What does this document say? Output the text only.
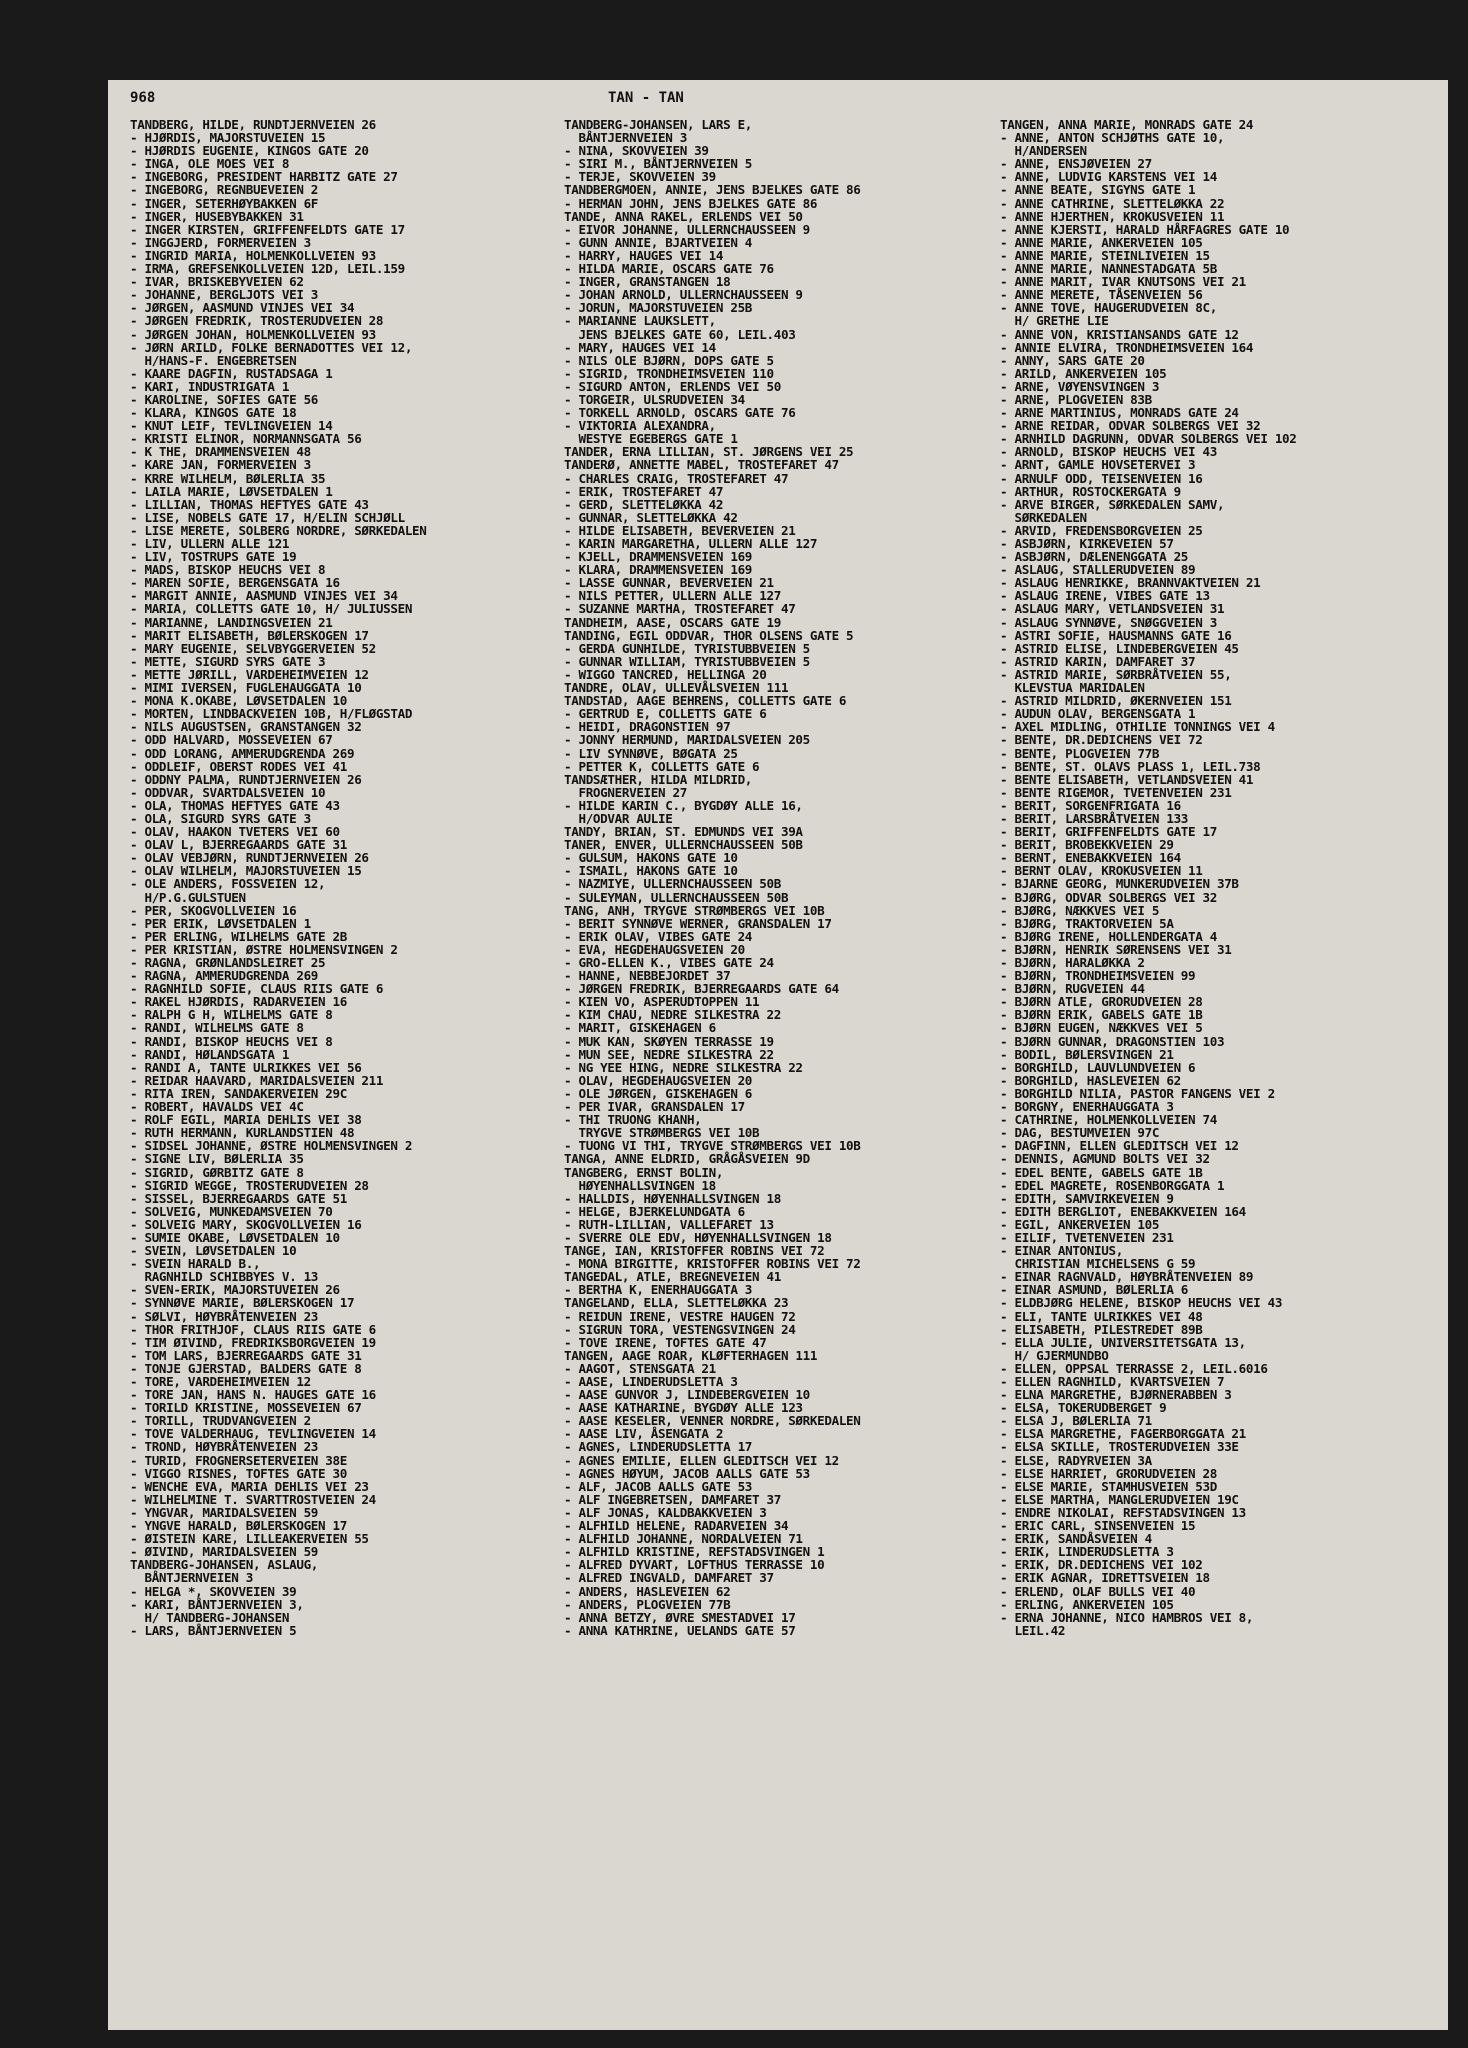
968	TAN - TAN
TANDBERG, HILDE, RUNDTJERNVEIEN 26
- HJØRDIS, MAJORSTUVEIEN 15
- HJØRDIS EUGENIE, KINGOS GATE 20
- INGA, OLE MOES VEI 8
- INGEBORG, PRESIDENT HARBITZ GATE 27
- INGEBORG, REGNBUEVEIEN 2
- INGER, SETERHØYBAKKEN 6F
- INGER, HUSEBYBAKKEN 31
- INGER KIRSTEN, GRIFFENFELDTS GATE 17
- INGGJERD, FORMERVEIEN 3
- INGRID MARIA, HOLMENKOLLVEIEN 93
- IRMA, GREFSENKOLLVEIEN 12D, LEIL.159
- IVAR, BRISKEBYVEIEN 62
- JOHANNE, BERGLJOTS VEI 3
- JØRGEN, AASMUND VINJES VEI 34
- JØRGEN FREDRIK, TROSTERUDVEIEN 28
- JØRGEN JOHAN, HOLMENKOLLVEIEN 93
- JØRN ARILD, FOLKE BERNADOTTES VEI 12,
H/HANS-F. ENGEBRETSEN
- KAARE DAGFIN, RUSTADSAGA 1
- KARI, INDUSTRIGATA 1
- KAROLINE, SOFIES GATE 56
- KLARA, KINGOS GATE 18
- KNUT LEIF, TEVLINGVEIEN 14
- KRISTI ELINOR, NORMANNSGATA 56
- K THE, DRAMMENSVEIEN 48
- KARE JAN, FORMERVEIEN 3
- KRRE WILHELM, BØLERLIA 35
- LAILA MARIE, LØVSETDALEN 1
- LILLIAN, THOMAS HEFTYES GATE 43
- LISE, NOBELS GATE 17, H/ELIN SCHJØLL
- LISE MERETE, SOLBERG NORDRE, SØRKEDALEN
- LIV, ULLERN ALLE 121
- LIV, TOSTRUPS GATE 19
- MADS, BISKOP HEUCHS VEI 8
- MAREN SOFIE, BERGENSGATA 16
- MARGIT ANNIE, AASMUND VINJES VEI 34
- MARIA, COLLETTS GATE 10, H/ JULIUSSEN
- MARIANNE, LANDINGSVEIEN 21
- MARIT ELISABETH, BØLERSKOGEN 17
- MARY EUGENIE, SELVBYGGERVEIEN 52
- METTE, SIGURD SYRS GATE 3
- METTE JØRILL, VARDEHEIMVEIEN 12
- MIMI IVERSEN, FUGLEHAUGGATA 10
- MONA K.OKABE, LØVSETDALEN 10
- MORTEN, LINDBACKVEIEN 10B, H/FLØGSTAD
- NILS AUGUSTSEN, GRANSTANGEN 32
- ODD HALVARD, MOSSEVEIEN 67
- ODD LORANG, AMMERUDGRENDA 269
- ODDLEIF, OBERST RODES VEI 41
- ODDNY PALMA, RUNDTJERNVEIEN 26
- ODDVAR, SVARTDALSVEIEN 10
- OLA, THOMAS HEFTYES GATE 43
- OLA, SIGURD SYRS GATE 3
- OLAV, HAAKON TVETERS VEI 60
- OLAV L, BJERREGAARDS GATE 31
- OLAV VEBJØRN, RUNDTJERNVEIEN 26
- OLAV WILHELM, MAJORSTUVEIEN 15
- OLE ANDERS, FOSSVEIEN 12,
H/P.G.GULSTUEN
- PER, SKOGVOLLVEIEN 16
- PER ERIK, LØVSETDALEN 1
- PER ERLING, WILHELMS GATE 2B
- PER KRISTIAN, ØSTRE HOLMENSVINGEN 2
- RAGNA, GRØNLANDSLEIRET 25
- RAGNA, AMMERUDGRENDA 269
- RAGNHILD SOFIE, CLAUS RIIS GATE 6
- RAKEL HJØRDIS, RADARVEIEN 16
- RALPH G H, WILHELMS GATE 8
- RANDI, WILHELMS GATE 8
- RANDI, BISKOP HEUCHS VEI 8
- RANDI, HØLANDSGATA 1
- RANDI A, TANTE ULRIKKES VEI 56
- REIDAR HAAVARD, MARIDALSVEIEN 211
- RITA IREN, SANDAKERVEIEN 29C
- ROBERT, HAVALDS VEI 4C
- ROLF EGIL, MARIA DEHLIS VEI 38
- RUTH HERMANN, KURLANDSTIEN 48
- SIDSEL JOHANNE, ØSTRE HOLMENSVINGEN 2
- SIGNE LIV, BØLERLIA 35
- SIGRID, GØRBITZ GATE 8
- SIGRID WEGGE, TROSTERUDVEIEN 28
- SISSEL, BJERREGAARDS GATE 51
- SOLVEIG, MUNKEDAMSVEIEN 70
- SOLVEIG MARY, SKOGVOLLVEIEN 16
- SUMIE OKABE, LØVSETDALEN 10
- SVEIN, LØVSETDALEN 10
- SVEIN HARALD B.,
RAGNHILD SCHIBBYES V. 13
- SVEN-ERIK, MAJORSTUVEIEN 26
- SYNNØVE MARIE, BØLERSKOGEN 17
- SØLVI, HØYBRÅTENVEIEN 23
- THOR FRITHJOF, CLAUS RIIS GATE 6
- TIM ØIVIND, FREDRIKSBORGVEIEN 19
- TOM LARS, BJERREGAARDS GATE 31
- TONJE GJERSTAD, BALDERS GATE 8
- TORE, VARDEHEIMVEIEN 12
- TORE JAN, HANS N. HAUGES GATE 16
- TORILD KRISTINE, MOSSEVEIEN 67
- TORILL, TRUDVANGVEIEN 2
- TOVE VALDERHAUG, TEVLINGVEIEN 14
- TROND, HØYBRÅTENVEIEN 23
- TURID, FROGNERSETERVEIEN 38E
- VIGGO RISNES, TOFTES GATE 30
- WENCHE EVA, MARIA DEHLIS VEI 23
- WILHELMINE T. SVARTTROSTVEIEN 24
- YNGVAR, MARIDALSVEIEN 59
- YNGVE HARALD, BØLERSKOGEN 17
- ØISTEIN KARE, LILLEAKERVEIEN 55
- ØIVIND, MARIDALSVEIEN 59
TANDBERG-JOHANSEN, ASLAUG,
BÅNTJERNVEIEN 3
- HELGA *, SKOVVEIEN 39
- KARI, BÅNTJERNVEIEN 3,
H/ TANDBERG-JOHANSEN
- LARS, BÅNTJERNVEIEN 5
TANDBERG-JOHANSEN, LARS E,
BÅNTJERNVEIEN 3
- NINA, SKOVVEIEN 39
- SIRI M., BÅNTJERNVEIEN 5
- TERJE, SKOVVEIEN 39
TANDBERGMOEN, ANNIE, JENS BJELKES GATE 86
- HERMAN JOHN, JENS BJELKES GATE 86
TANDE, ANNA RAKEL, ERLENDS VEI 50
- EIVOR JOHANNE, ULLERNCHAUSSEEN 9
- GUNN ANNIE, BJARTVEIEN 4
- HARRY, HAUGES VEI 14
- HILDA MARIE, OSCARS GATE 76
- INGER, GRANSTANGEN 18
- JOHAN ARNOLD, ULLERNCHAUSSEEN 9
- JORUN, MAJORSTUVEIEN 25B
- MARIANNE LAUKSLETT,
JENS BJELKES GATE 60, LEIL.403
- MARY, HAUGES VEI 14
- NILS OLE BJØRN, DOPS GATE 5
- SIGRID, TRONDHEIMSVEIEN 110
- SIGURD ANTON, ERLENDS VEI 50
- TORGEIR, ULSRUDVEIEN 34
- TORKELL ARNOLD, OSCARS GATE 76
- VIKTORIA ALEXANDRA,
WESTYE EGEBERGS GATE 1
TANDER, ERNA LILLIAN, ST. JØRGENS VEI 25
TANDERØ, ANNETTE MABEL, TROSTEFARET 47
- CHARLES CRAIG, TROSTEFARET 47
- ERIK, TROSTEFARET 47
- GERD, SLETTELØKKA 42
- GUNNAR, SLETTELØKKA 42
- HILDE ELISABETH, BEVERVEIEN 21
- KARIN MARGARETHA, ULLERN ALLE 127
- KJELL, DRAMMENSVEIEN 169
- KLARA, DRAMMENSVEIEN 169
- LASSE GUNNAR, BEVERVEIEN 21
- NILS PETTER, ULLERN ALLE 127
- SUZANNE MARTHA, TROSTEFARET 47
TANDHEIM, AASE, OSCARS GATE 19
TANDING, EGIL ODDVAR, THOR OLSENS GATE 5
- GERDA GUNHILDE, TYRISTUBBVEIEN 5
- GUNNAR WILLIAM, TYRISTUBBVEIEN 5
- WIGGO TANCRED, HELLINGA 20
TANDRE, OLAV, ULLEVÅLSVEIEN 111
TANDSTAD, AAGE BEHRENS, COLLETTS GATE 6
- GERTRUD E, COLLETTS GATE 6
- HEIDI, DRAGONSTIEN 97
- JONNY HERMUND, MARIDALSVEIEN 205
- LIV SYNNØVE, BØGATA 25
- PETTER K, COLLETTS GATE 6
TANDSÆTHER, HILDA MILDRID,
FROGNERVEIEN 27
- HILDE KARIN C., BYGDØY ALLE 16,
H/ODVAR AULIE
TANDY, BRIAN, ST. EDMUNDS VEI 39A
TANER, ENVER, ULLERNCHAUSSEEN 50B
- GULSUM, HAKONS GATE 10
- ISMAIL, HAKONS GATE 10
- NAZMIYE, ULLERNCHAUSSEEN 50B
- SULEYMAN, ULLERNCHAUSSEEN 50B
TANG, ANH, TRYGVE STRØMBERGS VEI 10B
- BERIT SYNNØVE WERNER, GRANSDALEN 17
- ERIK OLAV, VIBES GATE 24
- EVA, HEGDEHAUGSVEIEN 20
- GRO-ELLEN K., VIBES GATE 24
- HANNE, NEBBEJORDET 37
- JØRGEN FREDRIK, BJERREGAARDS GATE 64
- KIEN VO, ASPERUDTOPPEN 11
- KIM CHAU, NEDRE SILKESTRA 22
- MARIT, GISKEHAGEN 6
- MUK KAN, SKØYEN TERRASSE 19
- MUN SEE, NEDRE SILKESTRA 22
- NG YEE HING, NEDRE SILKESTRA 22
- OLAV, HEGDEHAUGSVEIEN 20
- OLE JØRGEN, GISKEHAGEN 6
- PER IVAR, GRANSDALEN 17
- THI TRUONG KHANH,
TRYGVE STRØMBERGS VEI 10B
- TUONG VI THI, TRYGVE STRØMBERGS VEI 10B
TANGA, ANNE ELDRID, GRÅGÅSVEIEN 9D
TANGBERG, ERNST BOLIN,
HØYENHALLSVINGEN 18
- HALLDIS, HØYENHALLSVINGEN 18
- HELGE, BJERKELUNDGATA 6
- RUTH-LILLIAN, VALLEFARET 13
- SVERRE OLE EDV, HØYENHALLSVINGEN 18
TANGE, IAN, KRISTOFFER ROBINS VEI 72
- MONA BIRGITTE, KRISTOFFER ROBINS VEI 72
TANGEDAL, ATLE, BREGNEVEIEN 41
- BERTHA K, ENERHAUGGATA 3
TANGELAND, ELLA, SLETTELØKKA 23
- REIDUN IRENE, VESTRE HAUGEN 72
- SIGRUN TORA, VESTENGSVINGEN 24
- TOVE IRENE, TOFTES GATE 47
TANGEN, AAGE ROAR, KLØFTERHAGEN 111
- AAGOT, STENSGATA 21
- AASE, LINDERUDSLETTA 3
- AASE GUNVOR J, LINDEBERGVEIEN 10
- AASE KATHARINE, BYGDØY ALLE 123
- AASE KESELER, VENNER NORDRE, SØRKEDALEN
- AASE LIV, ÅSENGATA 2
- AGNES, LINDERUDSLETTA 17
- AGNES EMILIE, ELLEN GLEDITSCH VEI 12
- AGNES HØYUM, JACOB AALLS GATE 53
- ALF, JACOB AALLS GATE 53
- ALF INGEBRETSEN, DAMFARET 37
- ALF JONAS, KALDBAKKVEIEN 3
- ALFHILD HELENE, RADARVEIEN 34
- ALFHILD JOHANNE, NORDALVEIEN 71
- ALFHILD KRISTINE, REFSTADSVINGEN 1
- ALFRED DYVART, LOFTHUS TERRASSE 10
- ALFRED INGVALD, DAMFARET 37
- ANDERS, HASLEVEIEN 62
- ANDERS, PLOGVEIEN 77B
- ANNA BETZY, ØVRE SMESTADVEI 17
- ANNA KATHRINE, UELANDS GATE 57
TANGEN, ANNA MARIE, MONRADS GATE 24
- ANNE, ANTON SCHJØTHS GATE 10,
H/ANDERSEN
- ANNE, ENSJØVEIEN 27
- ANNE, LUDVIG KARSTENS VEI 14
- ANNE BEATE, SIGYNS GATE 1
- ANNE CATHRINE, SLETTELØKKA 22
- ANNE HJERTHEN, KROKUSVEIEN 11
- ANNE KJERSTI, HARALD HÅRFAGRES GATE 10
- ANNE MARIE, ANKERVEIEN 105
- ANNE MARIE, STEINLIVEIEN 15
- ANNE MARIE, NANNESTADGATA 5B
- ANNE MARIT, IVAR KNUTSONS VEI 21
- ANNE MERETE, TÅSENVEIEN 56
- ANNE TOVE, HAUGERUDVEIEN 8C,
H/ GRETHE LIE
- ANNE VON, KRISTIANSANDS GATE 12
- ANNIE ELVIRA, TRONDHEIMSVEIEN 164
- ANNY, SARS GATE 20
- ARILD, ANKERVEIEN 105
- ARNE, VØYENSVINGEN 3
- ARNE, PLOGVEIEN 83B
- ARNE MARTINIUS, MONRADS GATE 24
- ARNE REIDAR, ODVAR SOLBERGS VEI 32
- ARNHILD DAGRUNN, ODVAR SOLBERGS VEI 102
- ARNOLD, BISKOP HEUCHS VEI 43
- ARNT, GAMLE HOVSETERVEI 3
- ARNULF ODD, TEISENVEIEN 16
- ARTHUR, ROSTOCKERGATA 9
- ARVE BIRGER, SØRKEDALEN SAMV,
SØRKEDALEN
- ARVID, FREDENSBORGVEIEN 25
- ASBJØRN, KIRKEVEIEN 57
- ASBJØRN, DÆLENENGGATA 25
- ASLAUG, STALLERUDVEIEN 89
- ASLAUG HENRIKKE, BRANNVAKTVEIEN 21
- ASLAUG IRENE, VIBES GATE 13
- ASLAUG MARY, VETLANDSVEIEN 31
- ASLAUG SYNNØVE, SNØGGVEIEN 3
- ASTRI SOFIE, HAUSMANNS GATE 16
- ASTRID ELISE, LINDEBERGVEIEN 45
- ASTRID KARIN, DAMFARET 37
- ASTRID MARIE, SØRBRÅTVEIEN 55,
KLEVSTUA MARIDALEN
- ASTRID MILDRID, ØKERNVEIEN 151
- AUDUN OLAV, BERGENSGATA 1
- AXEL MIDLING, OTHILIE TONNINGS VEI 4
- BENTE, DR.DEDICHENS VEI 72
- BENTE, PLOGVEIEN 77B
- BENTE, ST. OLAVS PLASS 1, LEIL.738
- BENTE ELISABETH, VETLANDSVEIEN 41
- BENTE RIGEMOR, TVETENVEIEN 231
- BERIT, SORGENFRIGATA 16
- BERIT, LARSBRÅTVEIEN 133
- BERIT, GRIFFENFELDTS GATE 17
- BERIT, BROBEKKVEIEN 29
- BERNT, ENEBAKKVEIEN 164
- BERNT OLAV, KROKUSVEIEN 11
- BJARNE GEORG, MUNKERUDVEIEN 37B
- BJØRG, ODVAR SOLBERGS VEI 32
- BJØRG, NÆKKVES VEI 5
- BJØRG, TRAKTORVEIEN 5A
- BJØRG IRENE, HOLLENDERGATA 4
- BJØRN, HENRIK SØRENSENS VEI 31
- BJØRN, HARALØKKA 2
- BJØRN, TRONDHEIMSVEIEN 99
- BJØRN, RUGVEIEN 44
- BJØRN ATLE, GRORUDVEIEN 28
- BJØRN ERIK, GABELS GATE 1B
- BJØRN EUGEN, NÆKKVES VEI 5
- BJØRN GUNNAR, DRAGONSTIEN 103
- BODIL, BØLERSVINGEN 21
- BORGHILD, LAUVLUNDVEIEN 6
- BORGHILD, HASLEVEIEN 62
- BORGHILD NILIA, PASTOR FANGENS VEI 2
- BORGNY, ENERHAUGGATA 3
- CATHRINE, HOLMENKOLLVEIEN 74
- DAG, BESTUMVEIEN 97C
- DAGFINN, ELLEN GLEDITSCH VEI 12
- DENNIS, AGMUND BOLTS VEI 32
- EDEL BENTE, GABELS GATE 1B
- EDEL MAGRETE, ROSENBORGGATA 1
- EDITH, SAMVIRKEVEIEN 9
- EDITH BERGLIOT, ENEBAKKVEIEN 164
- EGIL, ANKERVEIEN 105
- EILIF, TVETENVEIEN 231
- EINAR ANTONIUS,
CHRISTIAN MICHELSENS G 59
- EINAR RAGNVALD, HØYBRÅTENVEIEN 89
- EINAR ASMUND, BØLERLIA 6
- ELDBJØRG HELENE, BISKOP HEUCHS VEI 43
- ELI, TANTE ULRIKKES VEI 48
- ELISABETH, PILESTREDET 89B
- ELLA JULIE, UNIVERSITETSGATA 13,
H/ GJERMUNDBO
- ELLEN, OPPSAL TERRASSE 2, LEIL.6016
- ELLEN RAGNHILD, KVARTSVEIEN 7
- ELNA MARGRETHE, BJØRNERABBEN 3
- ELSA, TOKERUDBERGET 9
- ELSA J, BØLERLIA 71
- ELSA MARGRETHE, FAGERBORGGATA 21
- ELSA SKILLE, TROSTERUDVEIEN 33E
- ELSE, RADYRVEIEN 3A
- ELSE HARRIET, GRORUDVEIEN 28
- ELSE MARIE, STAMHUSVEIEN 53D
- ELSE MARTHA, MANGLERUDVEIEN 19C
- ENDRE NIKOLAI, REFSTADSVINGEN 13
- ERIC CARL, SINSENVEIEN 15
- ERIK, SANDÅSVEIEN 4
- ERIK, LINDERUDSLETTA 3
- ERIK, DR.DEDICHENS VEI 102
- ERIK AGNAR, IDRETTSVEIEN 18
- ERLEND, OLAF BULLS VEI 40
- ERLING, ANKERVEIEN 105
- ERNA JOHANNE, NICO HAMBROS VEI 8,
LEIL.42
